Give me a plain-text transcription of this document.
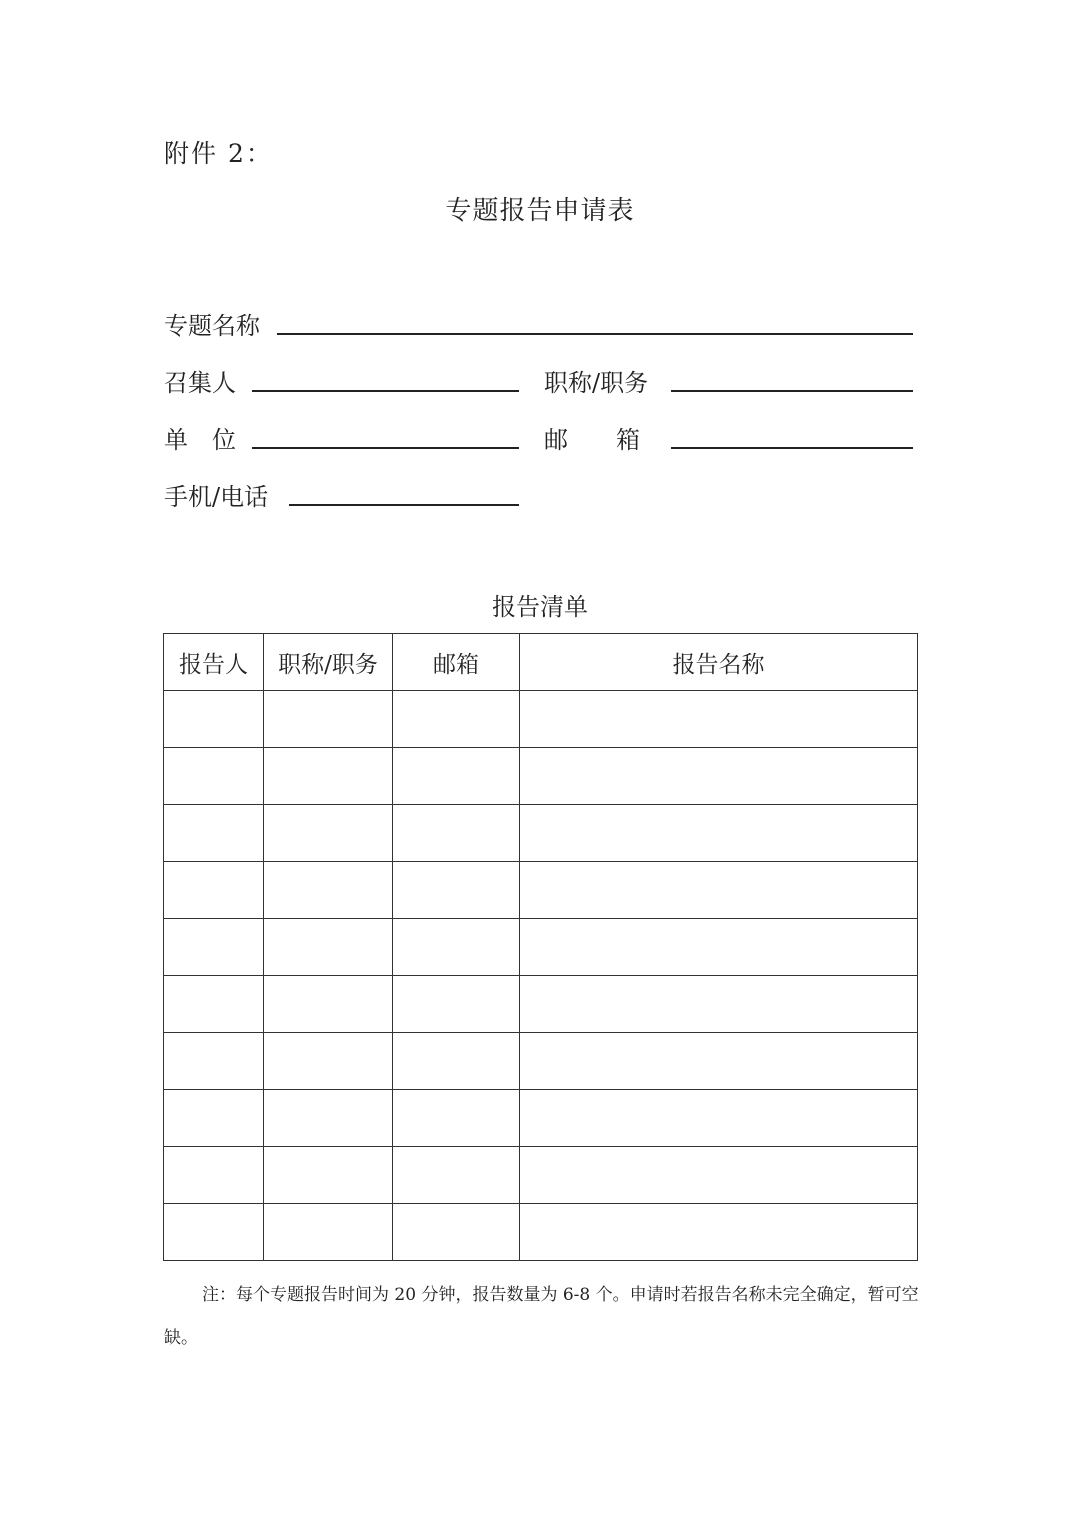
附件 2：
专题报告申请表
专题名称
召集人	职称/职务
单　位	邮　　箱
手机/电话
报告清单
报告人	职称/职务	邮箱	报告名称

注：每个专题报告时间为 20 分钟，报告数量为 6-8 个。申请时若报告名称未完全确定，暂可空缺。
